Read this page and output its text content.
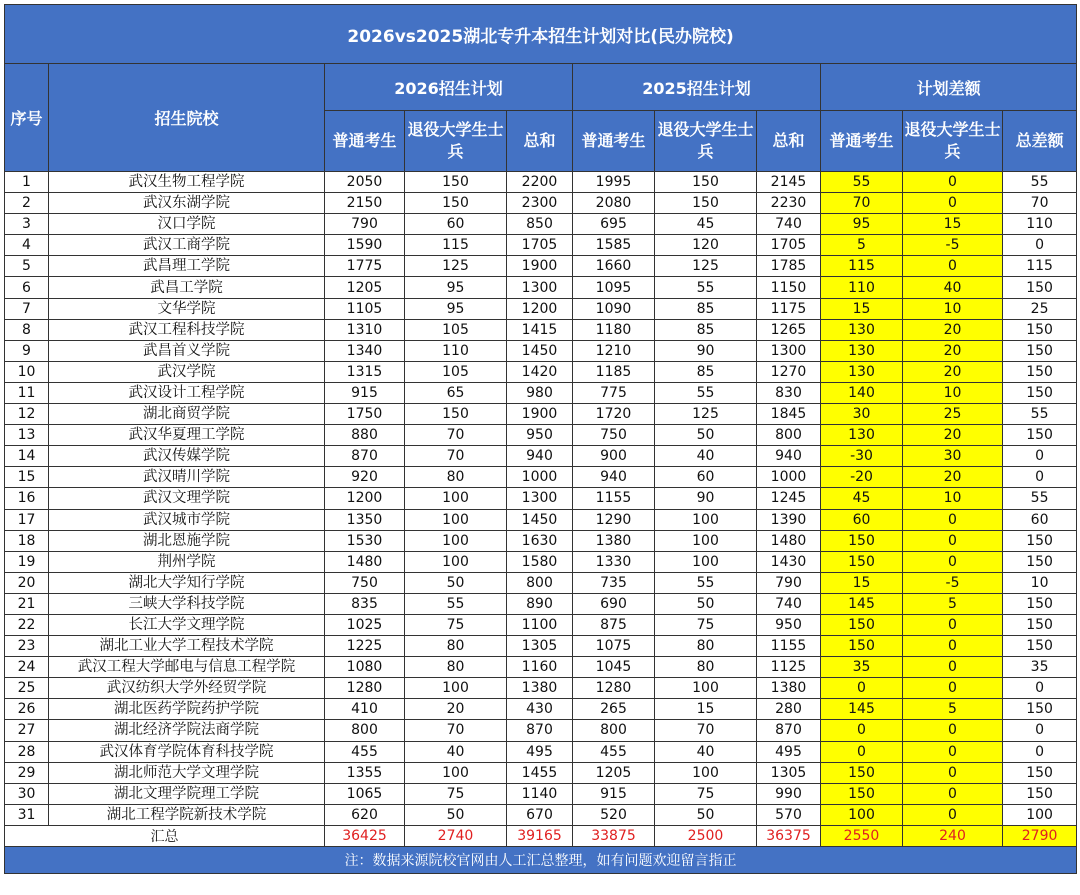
2026vs2025湖北专升本招生计划对比(民办院校)										
序号	招生院校	2026招生计划			2025招生计划			计划差额		
		普通考生	退役大学生士兵	总和	普通考生	退役大学生士兵	总和	普通考生	退役大学生士兵	总差额
1	武汉生物工程学院	2050	150	2200	1995	150	2145	55	0	55
2	武汉东湖学院	2150	150	2300	2080	150	2230	70	0	70
3	汉口学院	790	60	850	695	45	740	95	15	110
4	武汉工商学院	1590	115	1705	1585	120	1705	5	-5	0
5	武昌理工学院	1775	125	1900	1660	125	1785	115	0	115
6	武昌工学院	1205	95	1300	1095	55	1150	110	40	150
7	文华学院	1105	95	1200	1090	85	1175	15	10	25
8	武汉工程科技学院	1310	105	1415	1180	85	1265	130	20	150
9	武昌首义学院	1340	110	1450	1210	90	1300	130	20	150
10	武汉学院	1315	105	1420	1185	85	1270	130	20	150
11	武汉设计工程学院	915	65	980	775	55	830	140	10	150
12	湖北商贸学院	1750	150	1900	1720	125	1845	30	25	55
13	武汉华夏理工学院	880	70	950	750	50	800	130	20	150
14	武汉传媒学院	870	70	940	900	40	940	-30	30	0
15	武汉晴川学院	920	80	1000	940	60	1000	-20	20	0
16	武汉文理学院	1200	100	1300	1155	90	1245	45	10	55
17	武汉城市学院	1350	100	1450	1290	100	1390	60	0	60
18	湖北恩施学院	1530	100	1630	1380	100	1480	150	0	150
19	荆州学院	1480	100	1580	1330	100	1430	150	0	150
20	湖北大学知行学院	750	50	800	735	55	790	15	-5	10
21	三峡大学科技学院	835	55	890	690	50	740	145	5	150
22	长江大学文理学院	1025	75	1100	875	75	950	150	0	150
23	湖北工业大学工程技术学院	1225	80	1305	1075	80	1155	150	0	150
24	武汉工程大学邮电与信息工程学院	1080	80	1160	1045	80	1125	35	0	35
25	武汉纺织大学外经贸学院	1280	100	1380	1280	100	1380	0	0	0
26	湖北医药学院药护学院	410	20	430	265	15	280	145	5	150
27	湖北经济学院法商学院	800	70	870	800	70	870	0	0	0
28	武汉体育学院体育科技学院	455	40	495	455	40	495	0	0	0
29	湖北师范大学文理学院	1355	100	1455	1205	100	1305	150	0	150
30	湖北文理学院理工学院	1065	75	1140	915	75	990	150	0	150
31	湖北工程学院新技术学院	620	50	670	520	50	570	100	0	100
汇总		36425	2740	39165	33875	2500	36375	2550	240	2790
注：数据来源院校官网由人工汇总整理，如有问题欢迎留言指正										
